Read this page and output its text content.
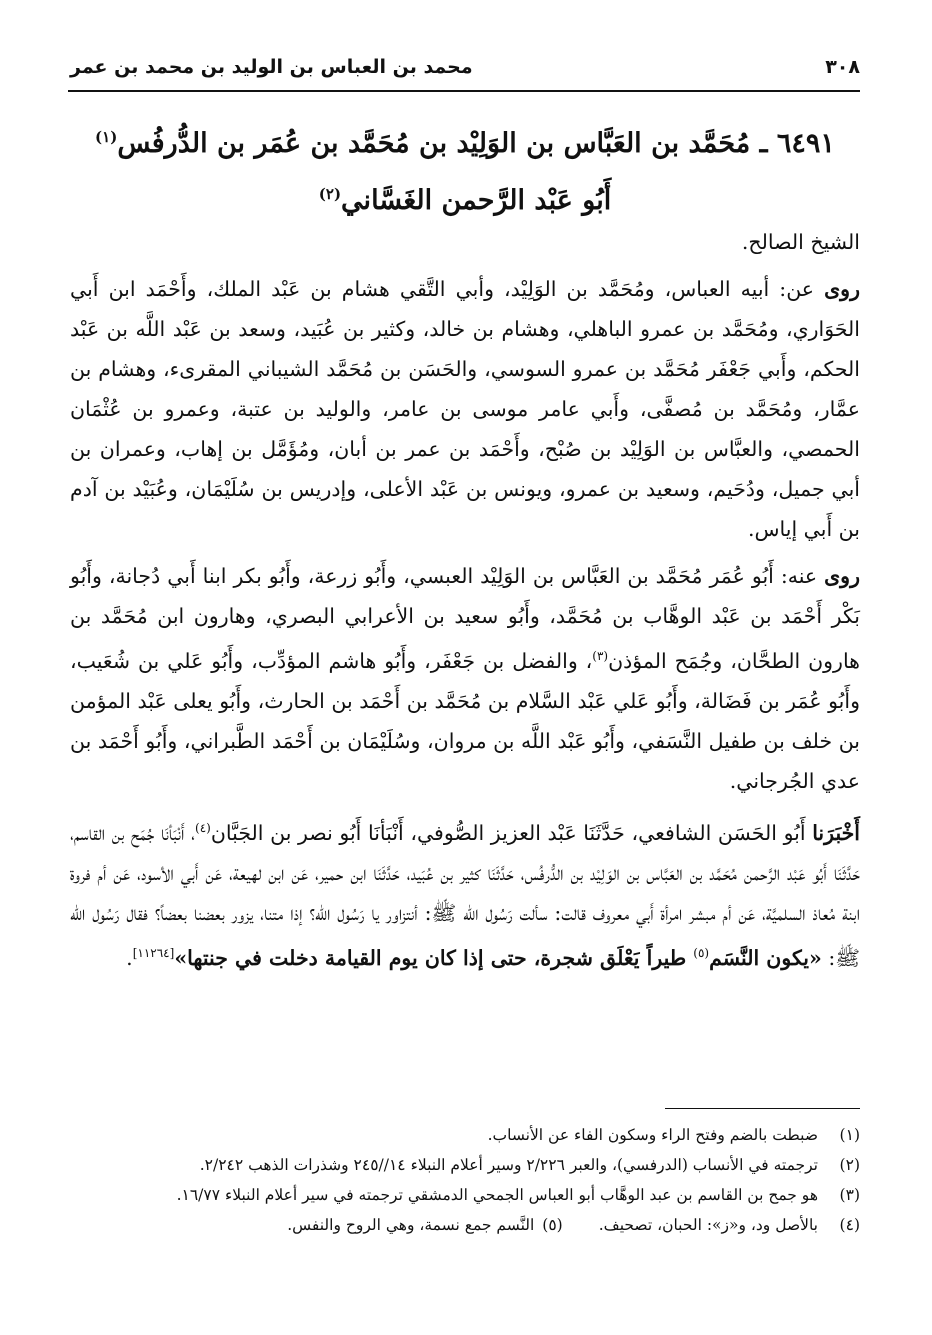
٣٠٨
محمد بن العباس بن الوليد بن محمد بن عمر
٦٤٩١ ـ مُحَمَّد بن العَبَّاس بن الوَلِيْد بن مُحَمَّد بن عُمَر بن الدُّرفُس$^{(١)}$
أَبُو عَبْد الرَّحمن الغَسَّاني$^{(٢)}$

الشيخ الصالح.

روى عن: أبيه العباس، ومُحَمَّد بن الوَلِيْد، وأبي التَّقي هشام بن عَبْد الملك، وأَحْمَد ابن أَبي الحَوَاري، ومُحَمَّد بن عمرو الباهلي، وهشام بن خالد، وكثير بن عُبَيد، وسعد بن عَبْد اللَّه بن عَبْد الحكم، وأَبي جَعْفَر مُحَمَّد بن عمرو السوسي، والحَسَن بن مُحَمَّد الشيباني المقرىء، وهشام بن عمَّار، ومُحَمَّد بن مُصفَّى، وأَبي عامر موسى بن عامر، والوليد بن عتبة، وعمرو بن عُثْمَان الحمصي، والعبَّاس بن الوَلِيْد بن صُبْح، وأَحْمَد بن عمر بن أبان، ومُؤَمَّل بن إهاب، وعمران بن أبي جميل، ودُحَيم، وسعيد بن عمرو، ويونس بن عَبْد الأعلى، وإدريس بن سُلَيْمَان، وعُبَيْد بن آدم بن أَبي إياس.

روى عنه: أَبُو عُمَر مُحَمَّد بن العَبَّاس بن الوَلِيْد العبسي، وأَبُو زرعة، وأَبُو بكر ابنا أَبي دُجانة، وأَبُو بَكْر أَحْمَد بن عَبْد الوهَّاب بن مُحَمَّد، وأَبُو سعيد بن الأعرابي البصري، وهارون ابن مُحَمَّد بن هارون الطحَّان، وجُمَح المؤذن$^{(٣)}$، والفضل بن جَعْفَر، وأَبُو هاشم المؤدِّب، وأَبُو عَلي بن شُعَيب، وأَبُو عُمَر بن فَضَالة، وأَبُو عَلي عَبْد السَّلام بن مُحَمَّد بن أَحْمَد بن الحارث، وأَبُو يعلى عَبْد المؤمن بن خلف بن طفيل النَّسَفي، وأَبُو عَبْد اللَّه بن مروان، وسُلَيْمَان بن أَحْمَد الطَّبراني، وأَبُو أَحْمَد بن عدي الجُرجاني.

أَخْبَرَنا أَبُو الحَسَن الشافعي، حَدَّثَنَا عَبْد العزيز الصُّوفي، أَنْبَأنَا أَبُو نصر بن الجَبَّان$^{(٤)}$، أَنْبَأنَا جُمَح بن القاسم، حَدَّثَنَا أَبُو عَبْد الرَّحمن مُحَمَّد بن العَبَّاس بن الوَلِيْد بن الدُّرفُس، حَدَّثَنَا كثير بن عُبَيد، حَدَّثَنَا ابن حمير، عَن ابن لهيعة، عَن أَبي الأسود، عَن أم فروة ابنة مُعاذ السلميَّة، عَن أم مبشر امرأة أَبي معروف قالت: سألت رَسُول الله ﷺ: أنتزاور يا رَسُول الله؟ إذا متنا، يزور بعضنا بعضاً؟ فقال رَسُول الله ﷺ: «يكون النَّسَم$^{(٥)}$ طيراً يَعْلَق شجرة، حتى إذا كان يوم القيامة دخلت في جنتها»[١١٢٦٤].

(١)
ضبطت بالضم وفتح الراء وسكون الفاء عن الأنساب.
(٢)
ترجمته في الأنساب (الدرفسي)، والعبر ٢/٢٢٦ وسير أعلام النبلاء ١٤//٢٤٥ وشذرات الذهب ٢/٢٤٢.
(٣)
هو جمح بن القاسم بن عبد الوهَّاب أبو العباس الجمحي الدمشقي ترجمته في سير أعلام النبلاء ١٦/٧٧.
(٤)
بالأصل ود، و«ز»: الحبان، تصحيف.
(٥)
النَّسم جمع نسمة، وهي الروح والنفس.
